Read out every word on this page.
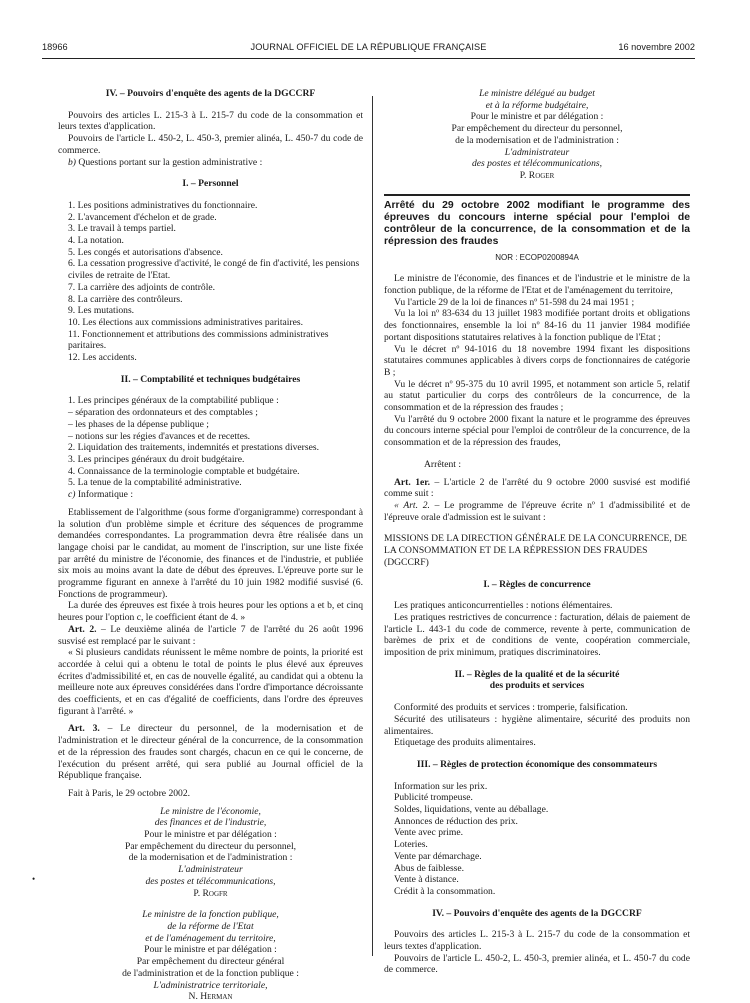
18966	JOURNAL OFFICIEL DE LA RÉPUBLIQUE FRANÇAISE	16 novembre 2002
•

IV. – Pouvoirs d'enquête des agents de la DGCCRF

Pouvoirs des articles L. 215-3 à L. 215-7 du code de la consommation et leurs textes d'application.

Pouvoirs de l'article L. 450-2, L. 450-3, premier alinéa, L. 450-7 du code de commerce.

b) Questions portant sur la gestion administrative :

I. – Personnel

1. Les positions administratives du fonctionnaire.
2. L'avancement d'échelon et de grade.
3. Le travail à temps partiel.
4. La notation.
5. Les congés et autorisations d'absence.
6. La cessation progressive d'activité, le congé de fin d'activité, les pensions civiles de retraite de l'Etat.
7. La carrière des adjoints de contrôle.
8. La carrière des contrôleurs.
9. Les mutations.
10. Les élections aux commissions administratives paritaires.
11. Fonctionnement et attributions des commissions administratives paritaires.
12. Les accidents.

II. – Comptabilité et techniques budgétaires

1. Les principes généraux de la comptabilité publique :
– séparation des ordonnateurs et des comptables ;
– les phases de la dépense publique ;
– notions sur les régies d'avances et de recettes.
2. Liquidation des traitements, indemnités et prestations diverses.
3. Les principes généraux du droit budgétaire.
4. Connaissance de la terminologie comptable et budgétaire.
5. La tenue de la comptabilité administrative.

c) Informatique :

Etablissement de l'algorithme (sous forme d'organigramme) correspondant à la solution d'un problème simple et écriture des séquences de programme demandées correspondantes. La programmation devra être réalisée dans un langage choisi par le candidat, au moment de l'inscription, sur une liste fixée par arrêté du ministre de l'économie, des finances et de l'industrie, et publiée six mois au moins avant la date de début des épreuves. L'épreuve porte sur le programme figurant en annexe à l'arrêté du 10 juin 1982 modifié susvisé (6. Fonctions de programmeur).

La durée des épreuves est fixée à trois heures pour les options a et b, et cinq heures pour l'option c, le coefficient étant de 4. »

Art. 2. – Le deuxième alinéa de l'article 7 de l'arrêté du 26 août 1996 susvisé est remplacé par le suivant :

« Si plusieurs candidats réunissent le même nombre de points, la priorité est accordée à celui qui a obtenu le total de points le plus élevé aux épreuves écrites d'admissibilité et, en cas de nouvelle égalité, au candidat qui a obtenu la meilleure note aux épreuves considérées dans l'ordre d'importance décroissante des coefficients, et en cas d'égalité de coefficients, dans l'ordre des épreuves figurant à l'arrêté. »

Art. 3. – Le directeur du personnel, de la modernisation et de l'administration et le directeur général de la concurrence, de la consommation et de la répression des fraudes sont chargés, chacun en ce qui le concerne, de l'exécution du présent arrêté, qui sera publié au Journal officiel de la République française.

Fait à Paris, le 29 octobre 2002.

Le ministre de l'économie,
des finances et de l'industrie,
Pour le ministre et par délégation :
Par empêchement du directeur du personnel,
de la modernisation et de l'administration :
L'administrateur
des postes et télécommunications,
P. Rogfr
Le ministre de la fonction publique,
de la réforme de l'Etat
et de l'aménagement du territoire,
Pour le ministre et par délégation :
Par empêchement du directeur général
de l'administration et de la fonction publique :
L'administratrice territoriale,
N. Herman
Le ministre délégué au budget
et à la réforme budgétaire,
Pour le ministre et par délégation :
Par empêchement du directeur du personnel,
de la modernisation et de l'administration :
L'administrateur
des postes et télécommunications,
P. Roger

Arrêté du 29 octobre 2002 modifiant le programme des épreuves du concours interne spécial pour l'emploi de contrôleur de la concurrence, de la consommation et de la répression des fraudes

NOR : ECOP0200894A

Le ministre de l'économie, des finances et de l'industrie et le ministre de la fonction publique, de la réforme de l'Etat et de l'aménagement du territoire,

Vu l'article 29 de la loi de finances nº 51-598 du 24 mai 1951 ;

Vu la loi nº 83-634 du 13 juillet 1983 modifiée portant droits et obligations des fonctionnaires, ensemble la loi nº 84-16 du 11 janvier 1984 modifiée portant dispositions statutaires relatives à la fonction publique de l'Etat ;

Vu le décret nº 94-1016 du 18 novembre 1994 fixant les dispositions statutaires communes applicables à divers corps de fonctionnaires de catégorie B ;

Vu le décret nº 95-375 du 10 avril 1995, et notamment son article 5, relatif au statut particulier du corps des contrôleurs de la concurrence, de la consommation et de la répression des fraudes ;

Vu l'arrêté du 9 octobre 2000 fixant la nature et le programme des épreuves du concours interne spécial pour l'emploi de contrôleur de la concurrence, de la consommation et de la répression des fraudes,

Arrêtent :

Art. 1er. – L'article 2 de l'arrêté du 9 octobre 2000 susvisé est modifié comme suit :

« Art. 2. – Le programme de l'épreuve écrite nº 1 d'admissibilité et de l'épreuve orale d'admission est le suivant :

MISSIONS DE LA DIRECTION GÉNÉRALE DE LA CONCURRENCE, DE LA CONSOMMATION ET DE LA RÉPRESSION DES FRAUDES (DGCCRF)

I. – Règles de concurrence

Les pratiques anticoncurrentielles : notions élémentaires.

Les pratiques restrictives de concurrence : facturation, délais de paiement de l'article L. 443-1 du code de commerce, revente à perte, communication de barèmes de prix et de conditions de vente, coopération commerciale, imposition de prix minimum, pratiques discriminatoires.

II. – Règles de la qualité et de la sécurité
des produits et services

Conformité des produits et services : tromperie, falsification.

Sécurité des utilisateurs : hygiène alimentaire, sécurité des produits non alimentaires.

Etiquetage des produits alimentaires.

III. – Règles de protection économique des consommateurs

Information sur les prix.

Publicité trompeuse.

Soldes, liquidations, vente au déballage.

Annonces de réduction des prix.

Vente avec prime.

Loteries.

Vente par démarchage.

Abus de faiblesse.

Vente à distance.

Crédit à la consommation.

IV. – Pouvoirs d'enquête des agents de la DGCCRF

Pouvoirs des articles L. 215-3 à L. 215-7 du code de la consommation et leurs textes d'application.

Pouvoirs de l'article L. 450-2, L. 450-3, premier alinéa, et L. 450-7 du code de commerce.
